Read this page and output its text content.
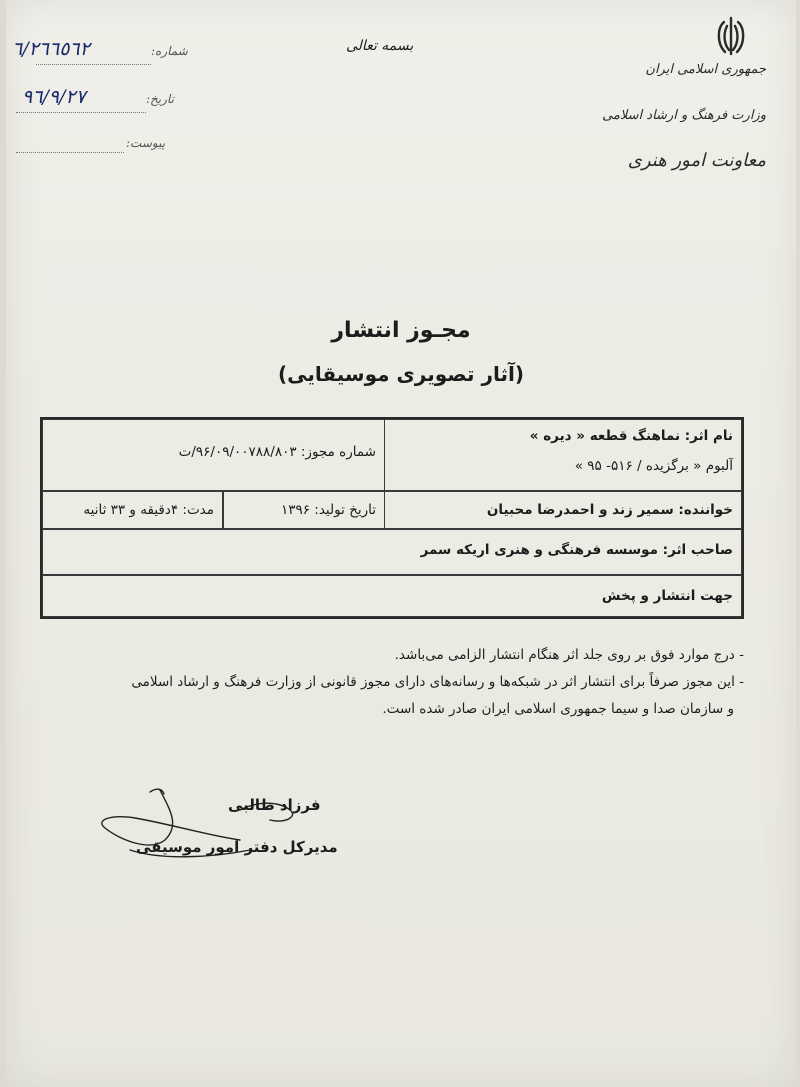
جمهوری اسلامی ایران
وزارت فرهنگ و ارشاد اسلامی
معاونت امور هنری
بسمه تعالی
٦/٢٦٦٥٦٢	شماره:
٩٦/٩/٢٧	تاریخ:
پیوست:
مجـوز انتشار
(آثار تصویری موسیقایی)
نام اثر: نماهنگ قطعه « دیره »
آلبوم « برگزیده / ۵۱۶- ۹۵ »
شماره مجوز: ۹۶/۰۹/۰۰۷۸۸/۸۰۳/ت
خواننده: سمیر زند و احمدرضا محبیان
تاریخ تولید: ۱۳۹۶
مدت: ۴دقیقه و ۳۳ ثانیه
صاحب اثر: موسسه فرهنگی و هنری اریکه سمر
جهت انتشار و پخش
- درج موارد فوق بر روی جلد اثر هنگام انتشار الزامی می‌باشد.
- این مجوز صرفاً برای انتشار اثر در شبکه‌ها و رسانه‌های دارای مجوز قانونی از وزارت فرهنگ و ارشاد اسلامی
و سازمان صدا و سیما جمهوری اسلامی ایران صادر شده است.
فرزاد طالبی
مدیرکل دفتر امور موسیقی
